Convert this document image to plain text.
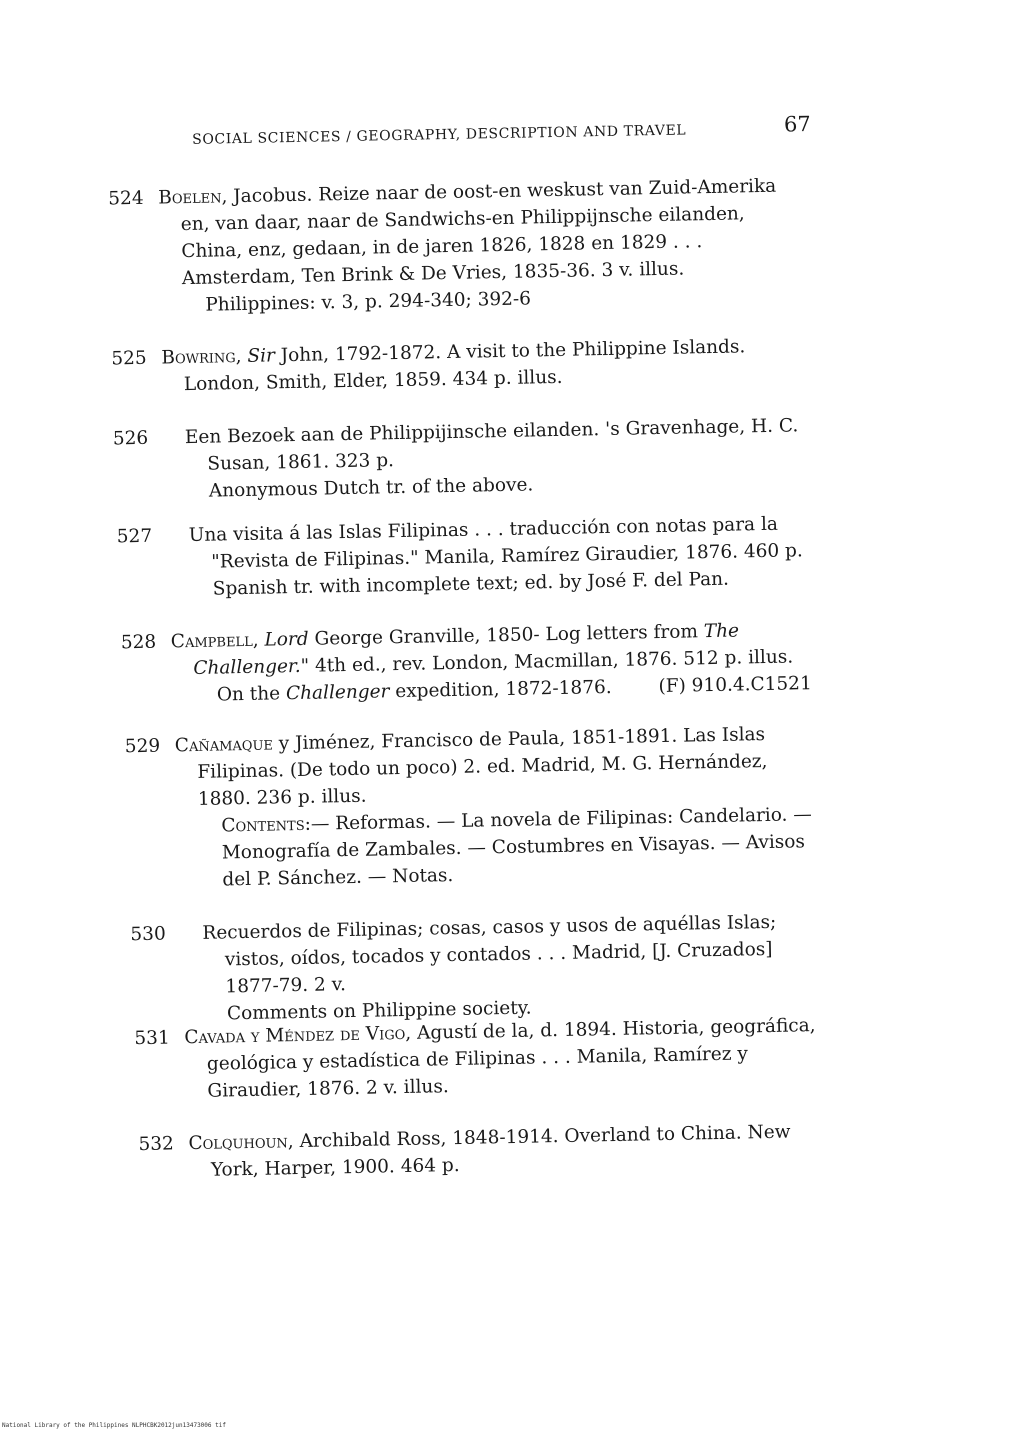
SOCIAL SCIENCES / GEOGRAPHY, DESCRIPTION AND TRAVEL	67
524 Boelen, Jacobus. Reize naar de oost-en weskust van Zuid-Amerika en, van daar, naar de Sandwichs-en Philippijnsche eilanden, China, enz, gedaan, in de jaren 1826, 1828 en 1829 . . . Amsterdam, Ten Brink & De Vries, 1835-36. 3 v. illus.
Philippines: v. 3, p. 294-340; 392-6
525 Bowring, Sir John, 1792-1872. A visit to the Philippine Islands. London, Smith, Elder, 1859. 434 p. illus.
526	Een Bezoek aan de Philippijinsche eilanden. 's Gravenhage, H. C. Susan, 1861. 323 p.
Anonymous Dutch tr. of the above.
527	Una visita á las Islas Filipinas . . . traducción con notas para la "Revista de Filipinas." Manila, Ramírez Giraudier, 1876. 460 p.
Spanish tr. with incomplete text; ed. by José F. del Pan.
528 Campbell, Lord George Granville, 1850- Log letters from The Challenger." 4th ed., rev. London, Macmillan, 1876. 512 p. illus.
On the Challenger expedition, 1872-1876.	(F) 910.4.C1521
529 Cañamaque y Jiménez, Francisco de Paula, 1851-1891. Las Islas Filipinas. (De todo un poco) 2. ed. Madrid, M. G. Hernández, 1880. 236 p. illus.
Contents:— Reformas. — La novela de Filipinas: Candelario. — Monografía de Zambales. — Costumbres en Visayas. — Avisos del P. Sánchez. — Notas.
530	Recuerdos de Filipinas; cosas, casos y usos de aquéllas Islas; vistos, oídos, tocados y contados . . . Madrid, [J. Cruzados] 1877-79. 2 v.
Comments on Philippine society.
531 Cavada y Méndez de Vigo, Agustí de la, d. 1894. Historia, geográfica, geológica y estadística de Filipinas . . . Manila, Ramírez y Giraudier, 1876. 2 v. illus.
532 Colquhoun, Archibald Ross, 1848-1914. Overland to China. New York, Harper, 1900. 464 p.
National Library of the Philippines NLPHCBK2012jun13473006 tif
